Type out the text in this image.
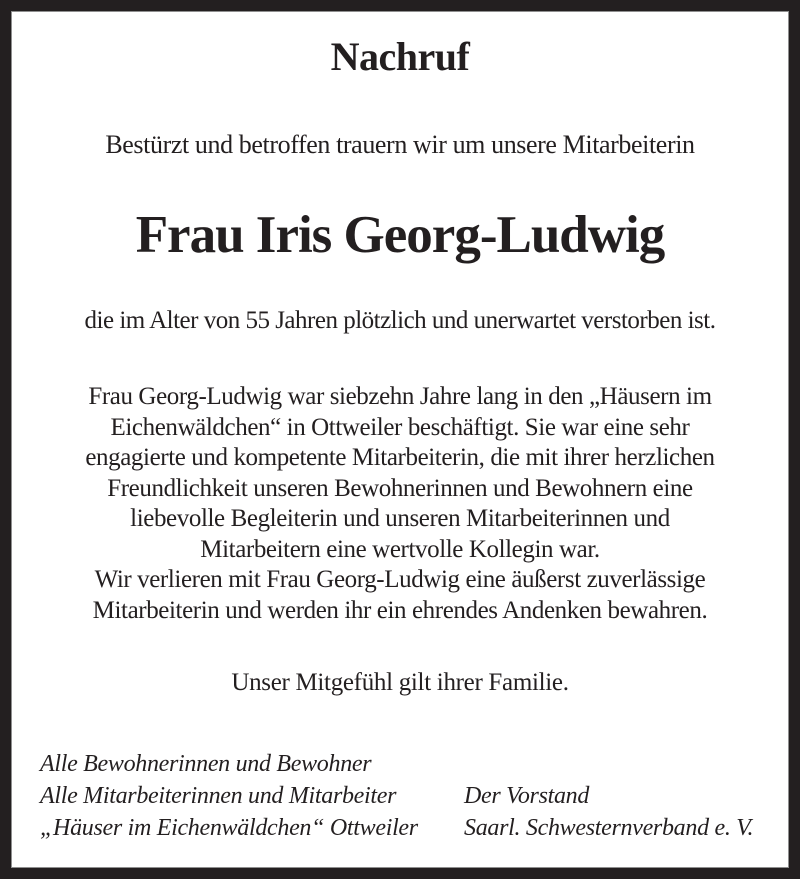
Nachruf
Bestürzt und betroffen trauern wir um unsere Mitarbeiterin
Frau Iris Georg-Ludwig
die im Alter von 55 Jahren plötzlich und unerwartet verstorben ist.
Frau Georg-Ludwig war siebzehn Jahre lang in den „Häusern im
Eichenwäldchen“ in Ottweiler beschäftigt. Sie war eine sehr
engagierte und kompetente Mitarbeiterin, die mit ihrer herzlichen
Freundlichkeit unseren Bewohnerinnen und Bewohnern eine
liebevolle Begleiterin und unseren Mitarbeiterinnen und
Mitarbeitern eine wertvolle Kollegin war.
Wir verlieren mit Frau Georg-Ludwig eine äußerst zuverlässige
Mitarbeiterin und werden ihr ein ehrendes Andenken bewahren.
Unser Mitgefühl gilt ihrer Familie.
Alle Bewohnerinnen und Bewohner
Alle Mitarbeiterinnen und Mitarbeiter
„Häuser im Eichenwäldchen“ Ottweiler
Der Vorstand
Saarl. Schwesternverband e. V.
